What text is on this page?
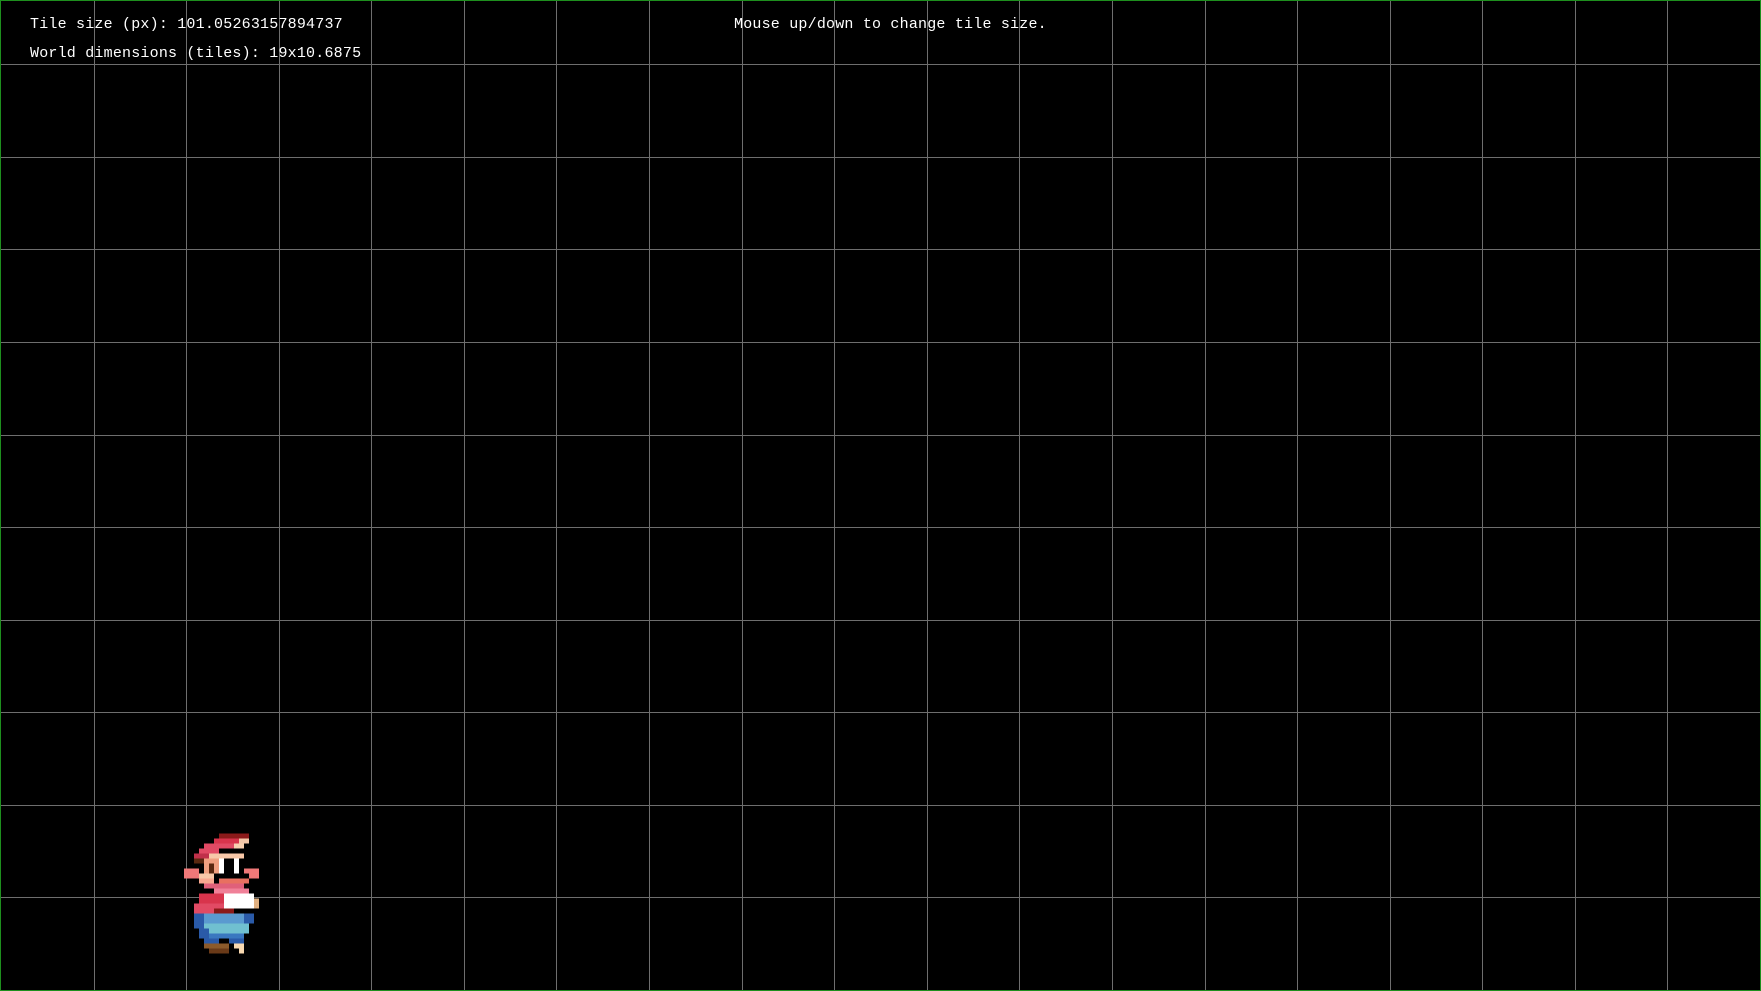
Tile size (px): 101.05263157894737
World dimensions (tiles): 19x10.6875
Mouse up/down to change tile size.
